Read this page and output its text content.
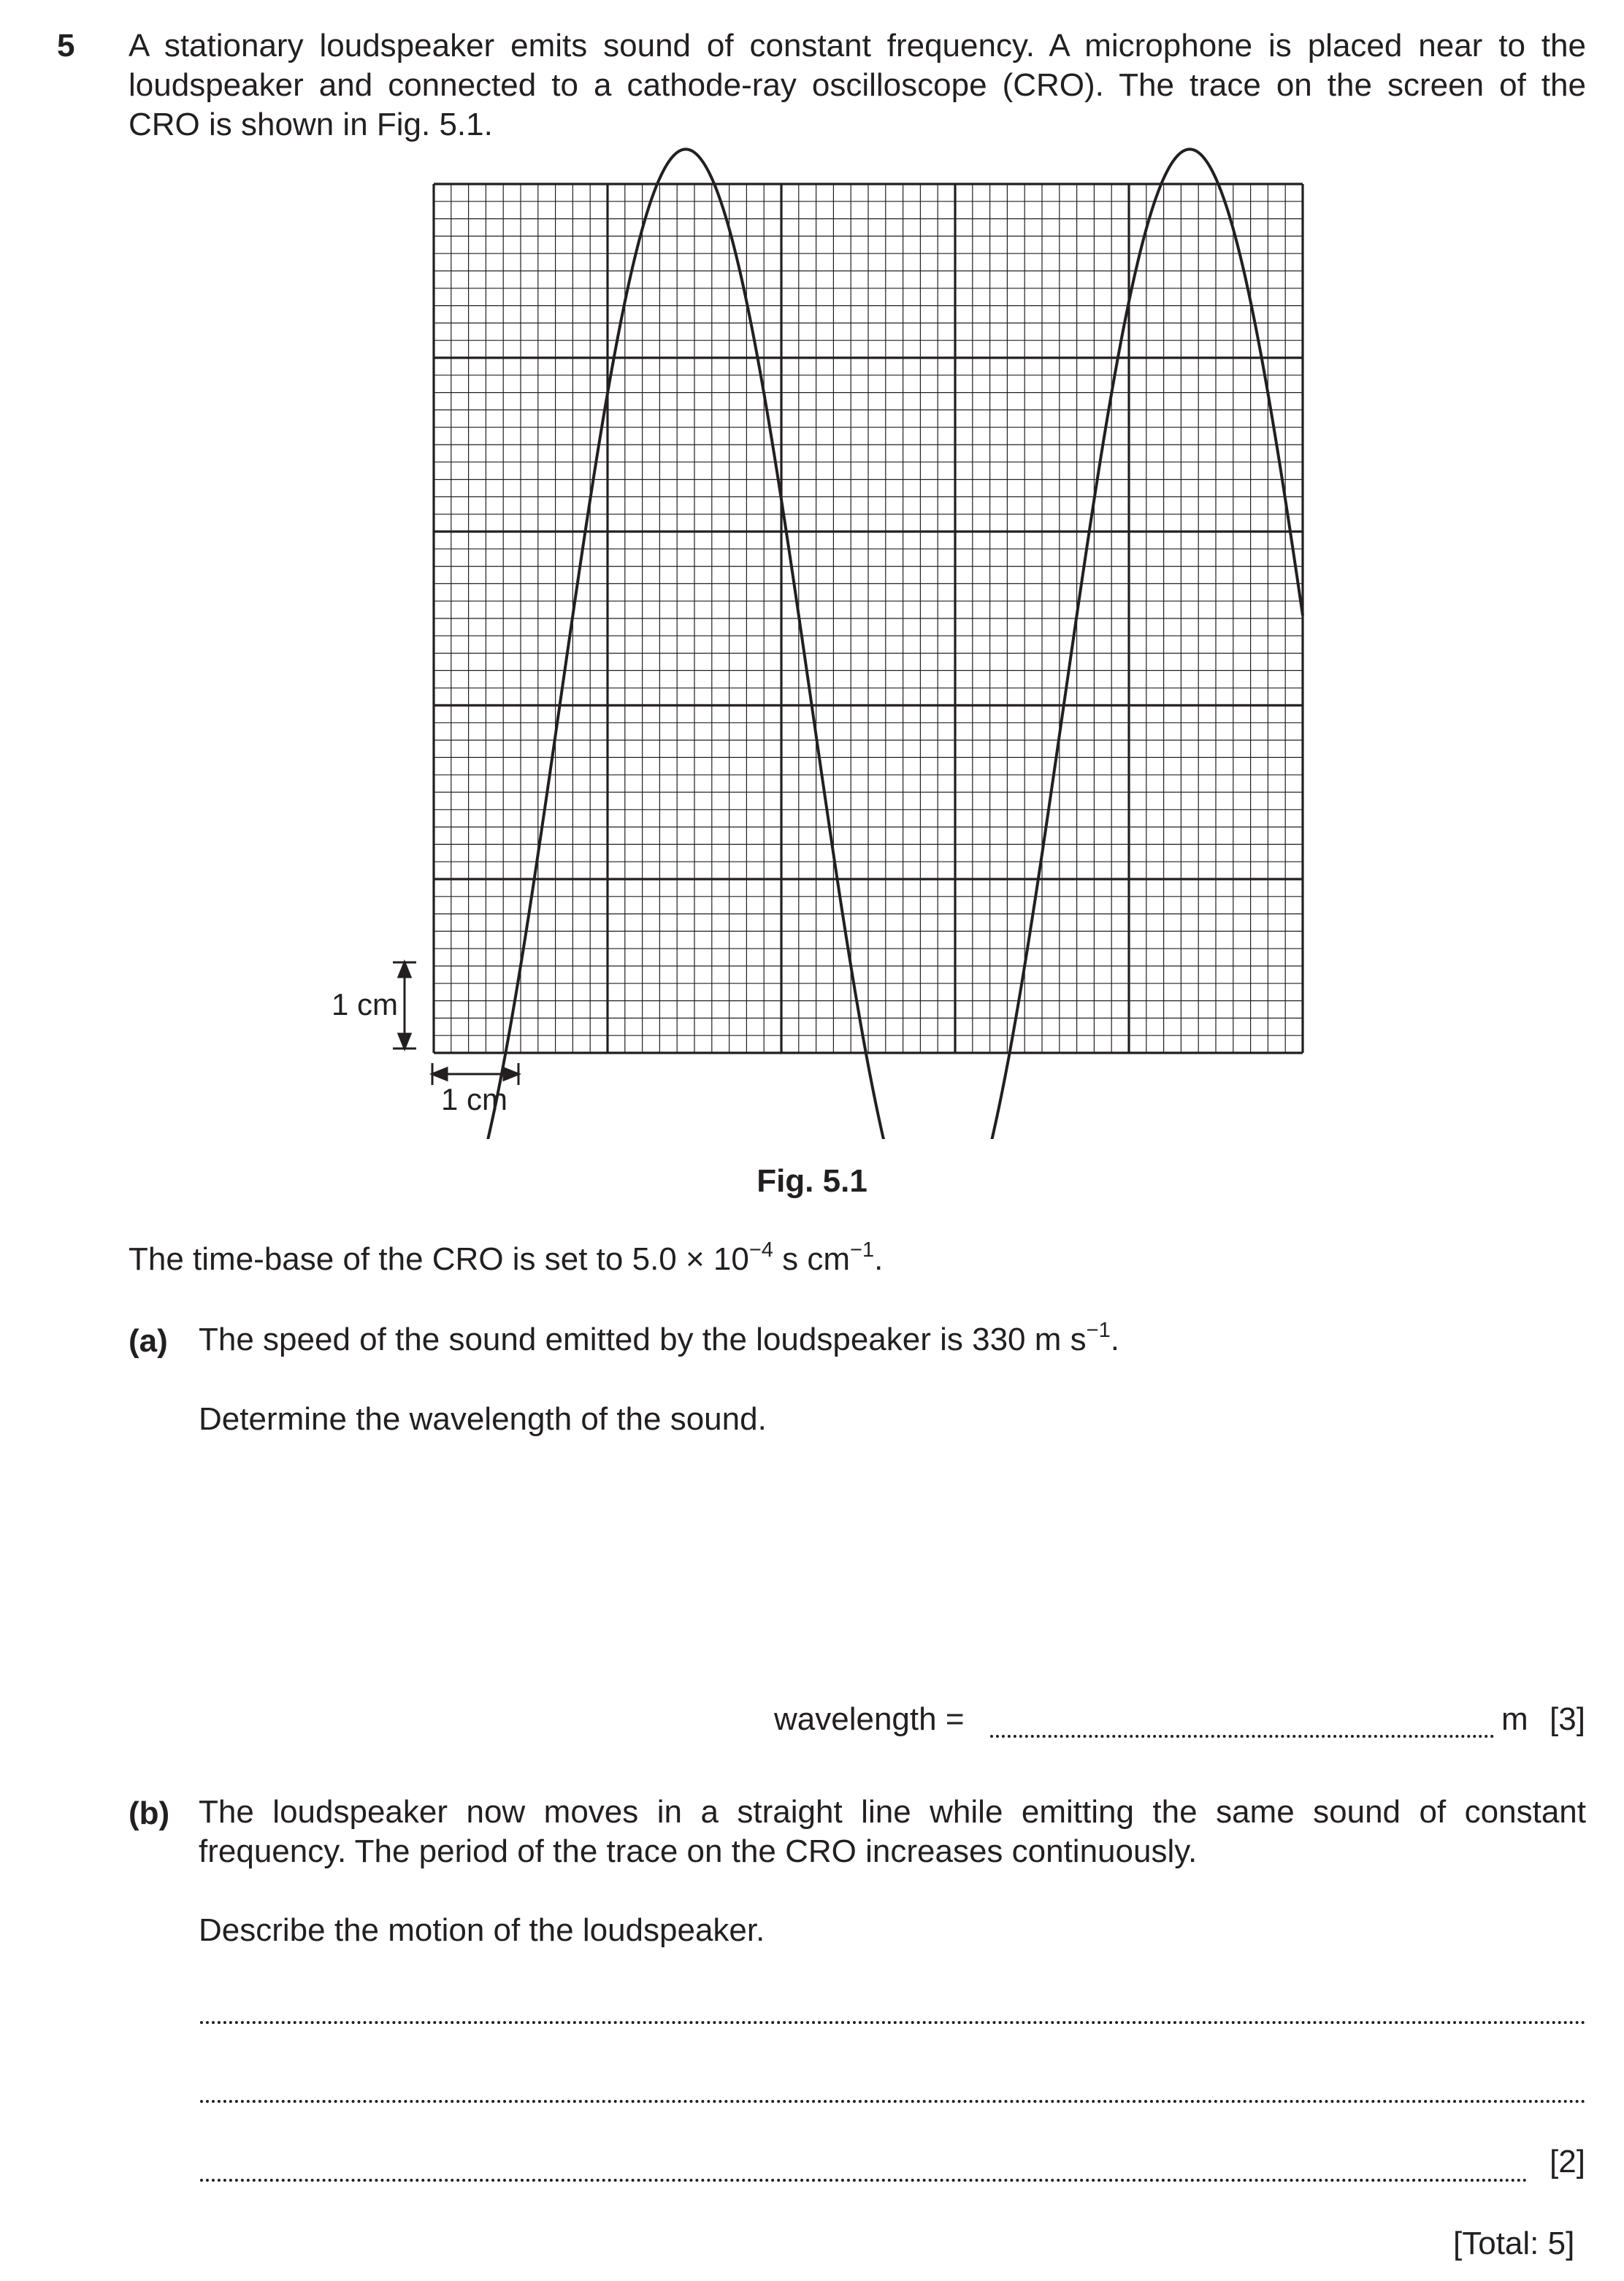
5 A stationary loudspeaker emits sound of constant frequency. A microphone is placed near to the
loudspeaker and connected to a cathode-ray oscilloscope (CRO). The trace on the screen of the
CRO is shown in Fig. 5.1.
1 cm
1 cm
Fig. 5.1
The time-base of the CRO is set to $5.0 \times 10^{-4}$ s $cm^{-1}$.
(a) The speed of the sound emitted by the loudspeaker is 330 m $s^{-1}$.
Determine the wavelength of the sound.
wavelength =	m [3]
(b) The loudspeaker now moves in a straight line while emitting the same sound of constant
frequency. The period of the trace on the CRO increases continuously.
Describe the motion of the loudspeaker.
[2]
[Total: 5]
